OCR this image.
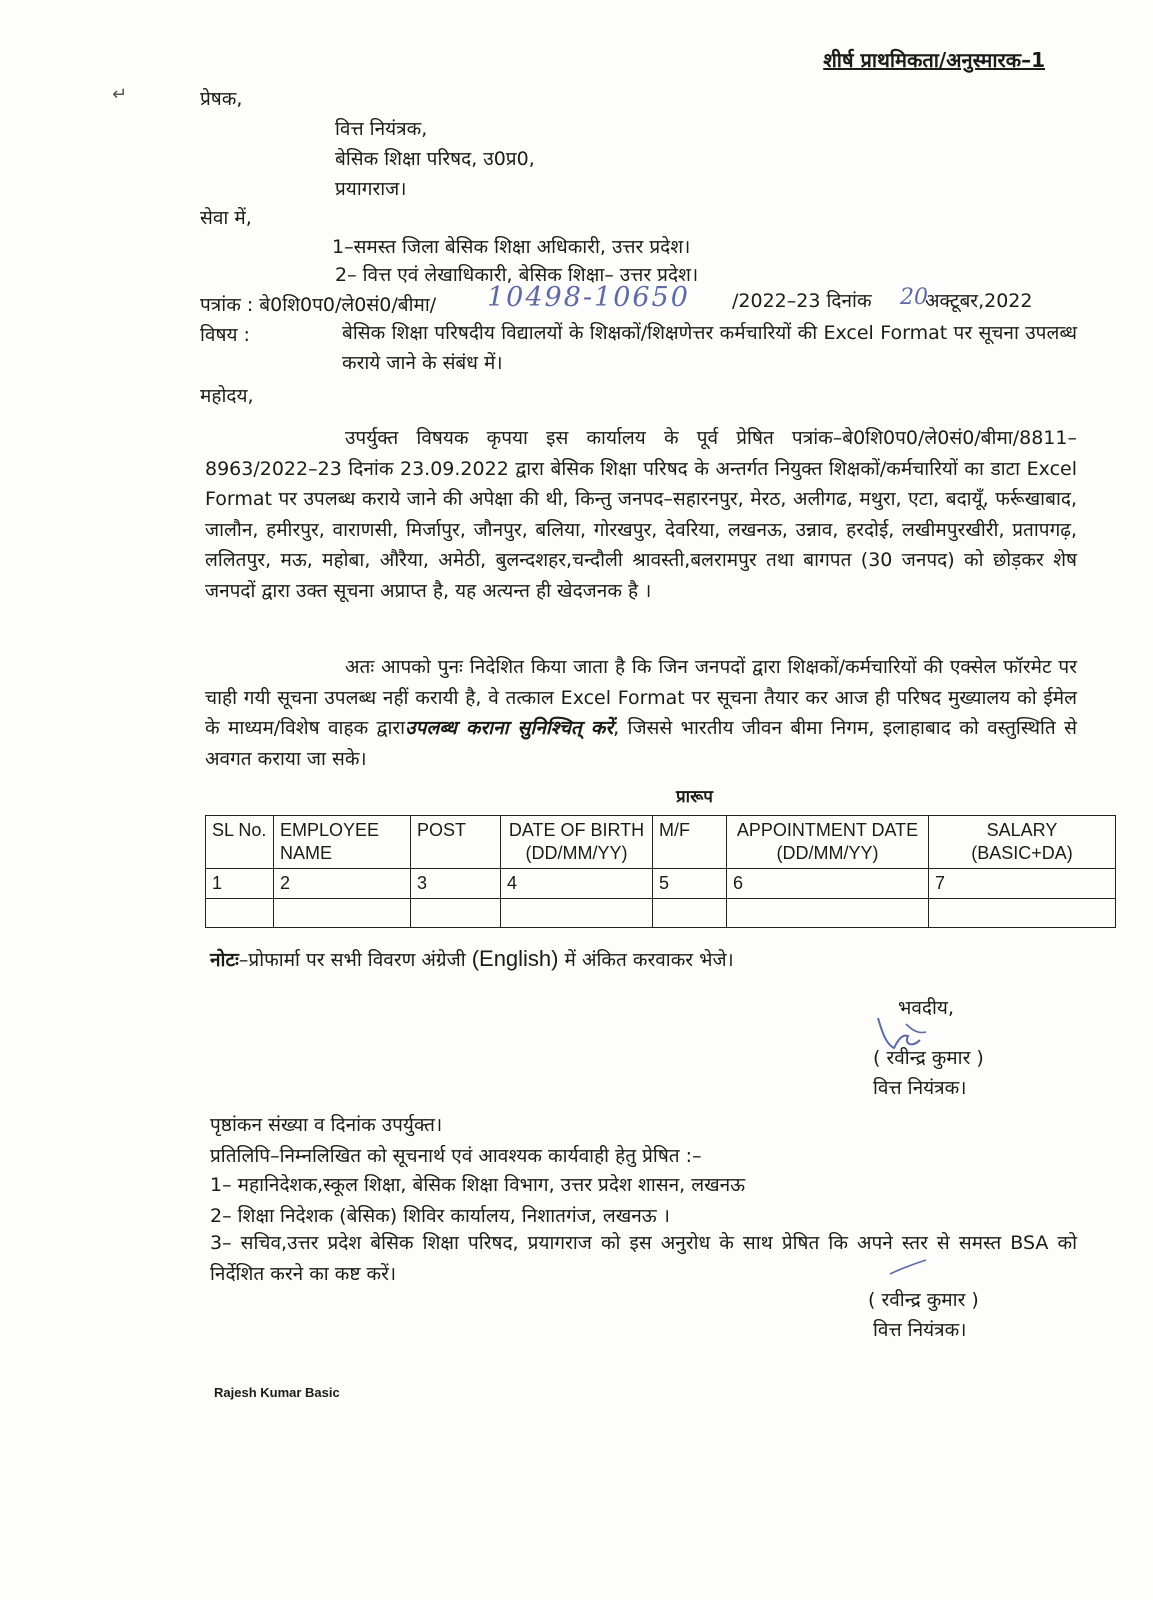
शीर्ष प्राथमिकता/अनुस्मारक–1
↵	प्रेषक,
वित्त नियंत्रक,
बेसिक शिक्षा परिषद, उ0प्र0,
प्रयागराज।
सेवा में,
1–समस्त जिला बेसिक शिक्षा अधिकारी, उत्तर प्रदेश।
2– वित्त एवं लेखाधिकारी, बेसिक शिक्षा– उत्तर प्रदेश।
पत्रांक : बे0शि0प0/ले0सं0/बीमा/ 10498-10650 /2022–23 दिनांक 20
अक्टूबर,2022
विषय :	बेसिक शिक्षा परिषदीय विद्यालयों के शिक्षकों/शिक्षणेत्तर कर्मचारियों की Excel Format पर सूचना उपलब्ध कराये जाने के संबंध में।
महोदय,
उपर्युक्त विषयक कृपया इस कार्यालय के पूर्व प्रेषित पत्रांक–बे0शि0प0/ले0सं0/बीमा/8811–8963/2022–23 दिनांक 23.09.2022 द्वारा बेसिक शिक्षा परिषद के अन्तर्गत नियुक्त शिक्षकों/कर्मचारियों का डाटा Excel Format पर उपलब्ध कराये जाने की अपेक्षा की थी, किन्तु जनपद–सहारनपुर, मेरठ, अलीगढ, मथुरा, एटा, बदायूँ, फर्रूखाबाद, जालौन, हमीरपुर, वाराणसी, मिर्जापुर, जौनपुर, बलिया, गोरखपुर, देवरिया, लखनऊ, उन्नाव, हरदोई, लखीमपुरखीरी, प्रतापगढ़, ललितपुर, मऊ, महोबा, औरैया, अमेठी, बुलन्दशहर,चन्दौली श्रावस्ती,बलरामपुर तथा बागपत (30 जनपद) को छोड़कर शेष जनपदों द्वारा उक्त सूचना अप्राप्त है, यह अत्यन्त ही खेदजनक है ।
अतः आपको पुनः निदेशित किया जाता है कि जिन जनपदों द्वारा शिक्षकों/कर्मचारियों की एक्सेल फॉरमेट पर चाही गयी सूचना उपलब्ध नहीं करायी है, वे तत्काल Excel Format पर सूचना तैयार कर आज ही परिषद मुख्यालय को ईमेल के माध्यम/विशेष वाहक द्वाराउपलब्ध कराना सुनिश्चित् करें, जिससे भारतीय जीवन बीमा निगम, इलाहाबाद को वस्तुस्थिति से अवगत कराया जा सके।
प्रारूप
SL No.	EMPLOYEE NAME	POST	DATE OF BIRTH (DD/MM/YY)	M/F	APPOINTMENT DATE (DD/MM/YY)	SALARY (BASIC+DA)
1	2	3	4	5	6	7

नोटः–प्रोफार्मा पर सभी विवरण अंग्रेजी (English) में अंकित करवाकर भेजे।
भवदीय,
( रवीन्द्र कुमार )
वित्त नियंत्रक।
पृष्ठांकन संख्या व दिनांक उपर्युक्त।
प्रतिलिपि–निम्नलिखित को सूचनार्थ एवं आवश्यक कार्यवाही हेतु प्रेषित :–
1– महानिदेशक,स्कूल शिक्षा, बेसिक शिक्षा विभाग, उत्तर प्रदेश शासन, लखनऊ
2– शिक्षा निदेशक (बेसिक) शिविर कार्यालय, निशातगंज, लखनऊ ।
3– सचिव,उत्तर प्रदेश बेसिक शिक्षा परिषद, प्रयागराज को इस अनुरोध के साथ प्रेषित कि अपने स्तर से समस्त BSA को निर्देशित करने का कष्ट करें।
( रवीन्द्र कुमार )
वित्त नियंत्रक।
Rajesh Kumar Basic
